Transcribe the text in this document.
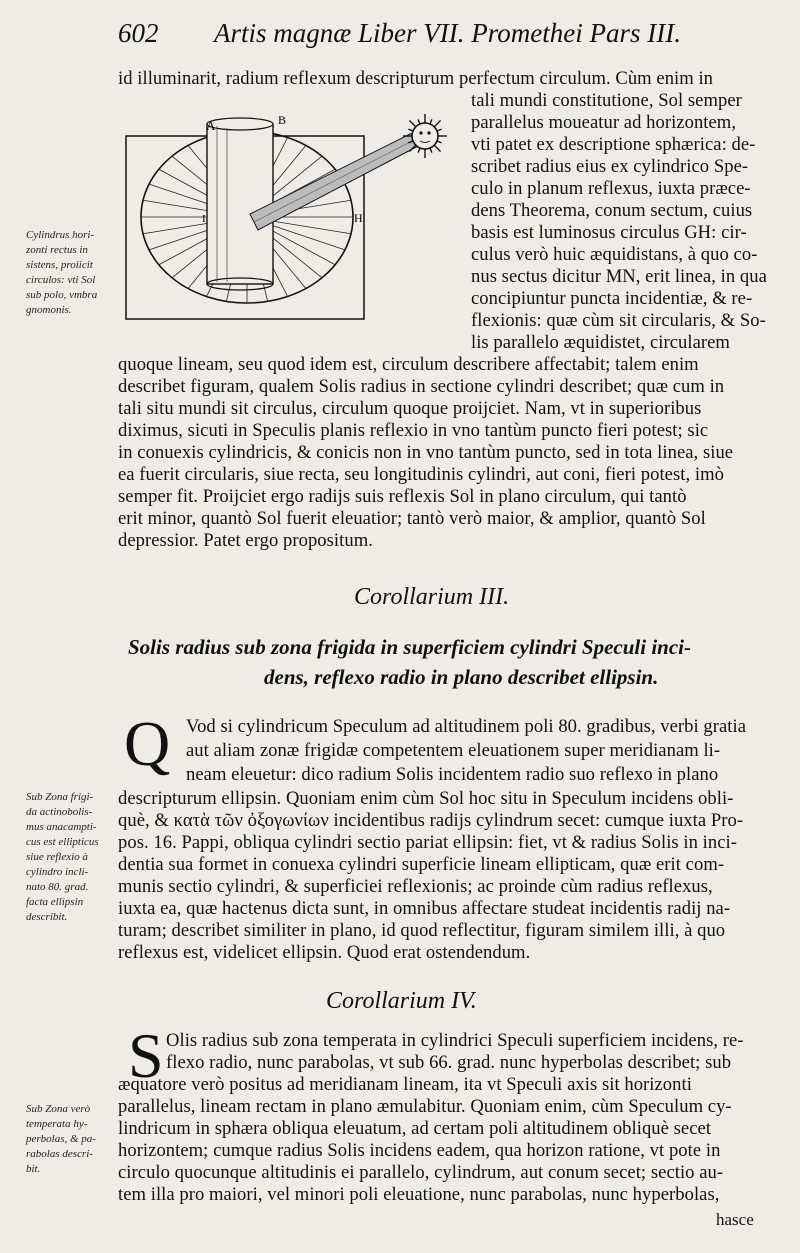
602 Artis magnæ Liber VII. Promethei Pars III.
A	B
H
I
Cylindrus hori-
zonti rectus in
sistens, proiicit
circulos: vti Sol
sub polo, vmbra
gnomonis.
Sub Zona frigi-
da actinobolis-
mus anacampti-
cus est ellipticus
siue reflexio à
cylindro incli-
nato 80. grad.
facta ellipsin
describit.
Sub Zona verò
temperata hy-
perbolas, & pa-
rabolas descri-
bit.
id illuminarit, radium reflexum descripturum perfectum circulum. Cùm enim in
tali mundi constitutione, Sol semper
parallelus moueatur ad horizontem,
vti patet ex descriptione sphærica: de-
scribet radius eius ex cylindrico Spe-
culo in planum reflexus, iuxta præce-
dens Theorema, conum sectum, cuius
basis est luminosus circulus GH: cir-
culus verò huic æquidistans, à quo co-
nus sectus dicitur MN, erit linea, in qua
concipiuntur puncta incidentiæ, & re-
flexionis: quæ cùm sit circularis, & So-
lis parallelo æquidistet, circularem
quoque lineam, seu quod idem est, circulum describere affectabit; talem enim
describet figuram, qualem Solis radius in sectione cylindri describet; quæ cum in
tali situ mundi sit circulus, circulum quoque proijciet. Nam, vt in superioribus
diximus, sicuti in Speculis planis reflexio in vno tantùm puncto fieri potest; sic
in conuexis cylindricis, & conicis non in vno tantùm puncto, sed in tota linea, siue
ea fuerit circularis, siue recta, seu longitudinis cylindri, aut coni, fieri potest, imò
semper fit. Proijciet ergo radijs suis reflexis Sol in plano circulum, qui tantò
erit minor, quantò Sol fuerit eleuatior; tantò verò maior, & amplior, quantò Sol
depressior. Patet ergo propositum.
Corollarium III.
Solis radius sub zona frigida in superficiem cylindri Speculi inci-
dens, reflexo radio in plano describet ellipsin.
Q Vod si cylindricum Speculum ad altitudinem poli 80. gradibus, verbi gratia
aut aliam zonæ frigidæ competentem eleuationem super meridianam li-
neam eleuetur: dico radium Solis incidentem radio suo reflexo in plano
descripturum ellipsin. Quoniam enim cùm Sol hoc situ in Speculum incidens obli-
què, & κατὰ τῶν ὀξογωνίων incidentibus radijs cylindrum secet: cumque iuxta Pro-
pos. 16. Pappi, obliqua cylindri sectio pariat ellipsin: fiet, vt & radius Solis in inci-
dentia sua formet in conuexa cylindri superficie lineam ellipticam, quæ erit com-
munis sectio cylindri, & superficiei reflexionis; ac proinde cùm radius reflexus,
iuxta ea, quæ hactenus dicta sunt, in omnibus affectare studeat incidentis radij na-
turam; describet similiter in plano, id quod reflectitur, figuram similem illi, à quo
reflexus est, videlicet ellipsin. Quod erat ostendendum.
Corollarium IV.
S Olis radius sub zona temperata in cylindrici Speculi superficiem incidens, re-
flexo radio, nunc parabolas, vt sub 66. grad. nunc hyperbolas describet; sub
æquatore verò positus ad meridianam lineam, ita vt Speculi axis sit horizonti
parallelus, lineam rectam in plano æmulabitur. Quoniam enim, cùm Speculum cy-
lindricum in sphæra obliqua eleuatum, ad certam poli altitudinem obliquè secet
horizontem; cumque radius Solis incidens eadem, qua horizon ratione, vt pote in
circulo quocunque altitudinis ei parallelo, cylindrum, aut conum secet; sectio au-
tem illa pro maiori, vel minori poli eleuatione, nunc parabolas, nunc hyperbolas,
hasce
